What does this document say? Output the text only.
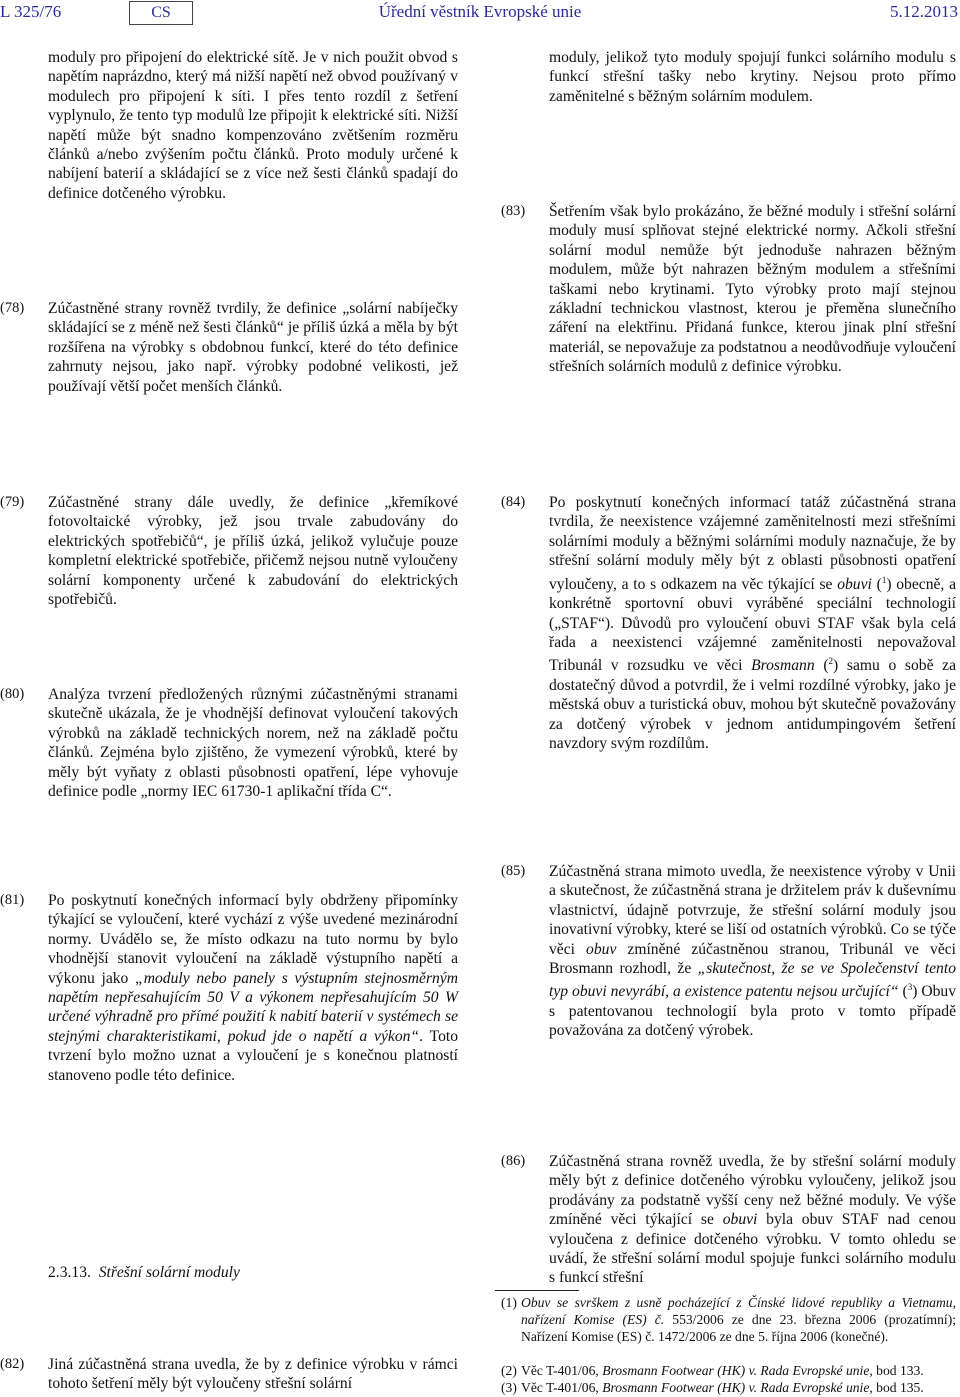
L 325/76	CS	Úřední věstník Evropské unie	5.12.2013
moduly pro připojení do elektrické sítě. Je v nich použit obvod s napětím naprázdno, který má nižší napětí než obvod používaný v modulech pro připojení k síti. I přes tento rozdíl z šetření vyplynulo, že tento typ modulů lze připojit k elektrické síti. Nižší napětí může být snadno kompenzováno zvětšením rozměru článků a/nebo zvýšením počtu článků. Proto moduly určené k nabíjení baterií a skládající se z více než šesti článků spadají do definice dotčeného výrobku.
moduly, jelikož tyto moduly spojují funkci solárního modulu s funkcí střešní tašky nebo krytiny. Nejsou proto přímo zaměnitelné s běžným solárním modulem.
(78) Zúčastněné strany rovněž tvrdily, že definice „solární nabíječky skládající se z méně než šesti článků“ je příliš úzká a měla by být rozšířena na výrobky s obdobnou funkcí, které do této definice zahrnuty nejsou, jako např. výrobky podobné velikosti, jež používají větší počet menších článků.
(83) Šetřením však bylo prokázáno, že běžné moduly i střešní solární moduly musí splňovat stejné elektrické normy. Ačkoli střešní solární modul nemůže být jednoduše nahrazen běžným modulem, může být nahrazen běžným modulem a střešními taškami nebo krytinami. Tyto výrobky proto mají stejnou základní technickou vlastnost, kterou je přeměna slunečního záření na elektřinu. Přidaná funkce, kterou jinak plní střešní materiál, se nepovažuje za podstatnou a neodůvodňuje vyloučení střešních solárních modulů z definice výrobku.
(79) Zúčastněné strany dále uvedly, že definice „křemíkové fotovoltaické výrobky, jež jsou trvale zabudovány do elektrických spotřebičů“, je příliš úzká, jelikož vylučuje pouze kompletní elektrické spotřebiče, přičemž nejsou nutně vyloučeny solární komponenty určené k zabudování do elektrických spotřebičů.
(80) Analýza tvrzení předložených různými zúčastněnými stranami skutečně ukázala, že je vhodnější definovat vyloučení takových výrobků na základě technických norem, než na základě počtu článků. Zejména bylo zjištěno, že vymezení výrobků, které by měly být vyňaty z oblasti působnosti opatření, lépe vyhovuje definice podle „normy IEC 61730-1 aplikační třída C“.
(84) Po poskytnutí konečných informací tatáž zúčastněná strana tvrdila, že neexistence vzájemné zaměnitelnosti mezi střešními solárními moduly a běžnými solárními moduly naznačuje, že by střešní solární moduly měly být z oblasti působnosti opatření vyloučeny, a to s odkazem na věc týkající se obuvi ($^1$) obecně, a konkrétně sportovní obuvi vyráběné speciální technologií („STAF“). Důvodů pro vyloučení obuvi STAF však byla celá řada a neexistenci vzájemné zaměnitelnosti nepovažoval Tribunál v rozsudku ve věci Brosmann ($^2$) samu o sobě za dostatečný důvod a potvrdil, že i velmi rozdílné výrobky, jako je městská obuv a turistická obuv, mohou být skutečně považovány za dotčený výrobek v jednom antidumpingovém šetření navzdory svým rozdílům.
(81) Po poskytnutí konečných informací byly obdrženy připomínky týkající se vyloučení, které vychází z výše uvedené mezinárodní normy. Uvádělo se, že místo odkazu na tuto normu by bylo vhodnější stanovit vyloučení na základě výstupního napětí a výkonu jako „moduly nebo panely s výstupním stejnosměrným napětím nepřesahujícím 50 V a výkonem nepřesahujícím 50 W určené výhradně pro přímé použití k nabití baterií v systémech se stejnými charakteristikami, pokud jde o napětí a výkon“. Toto tvrzení bylo možno uznat a vyloučení je s konečnou platností stanoveno podle této definice.
(85) Zúčastněná strana mimoto uvedla, že neexistence výroby v Unii a skutečnost, že zúčastněná strana je držitelem práv k duševnímu vlastnictví, údajně potvrzuje, že střešní solární moduly jsou inovativní výrobky, které se liší od ostatních výrobků. Co se týče věci obuv zmíněné zúčastněnou stranou, Tribunál ve věci Brosmann rozhodl, že „skutečnost, že se ve Společenství tento typ obuvi nevyrábí, a existence patentu nejsou určující“ ($^3$) Obuv s patentovanou technologií byla proto v tomto případě považována za dotčený výrobek.
(86) Zúčastněná strana rovněž uvedla, že by střešní solární moduly měly být z definice dotčeného výrobku vyloučeny, jelikož jsou prodávány za podstatně vyšší ceny než běžné moduly. Ve výše zmíněné věci týkající se obuvi byla obuv STAF nad cenou vyloučena z definice dotčeného výrobku. V tomto ohledu se uvádí, že střešní solární modul spojuje funkci solárního modulu s funkcí střešní
2.3.13. Střešní solární moduly
(82) Jiná zúčastněná strana uvedla, že by z definice výrobku v rámci tohoto šetření měly být vyloučeny střešní solární
(1) Obuv se svrškem z usně pocházející z Čínské lidové republiky a Vietnamu, nařízení Komise (ES) č. 553/2006 ze dne 23. března 2006 (prozatímní); Nařízení Komise (ES) č. 1472/2006 ze dne 5. října 2006 (konečné).
(2) Věc T-401/06, Brosmann Footwear (HK) v. Rada Evropské unie, bod 133.
(3) Věc T-401/06, Brosmann Footwear (HK) v. Rada Evropské unie, bod 135.
